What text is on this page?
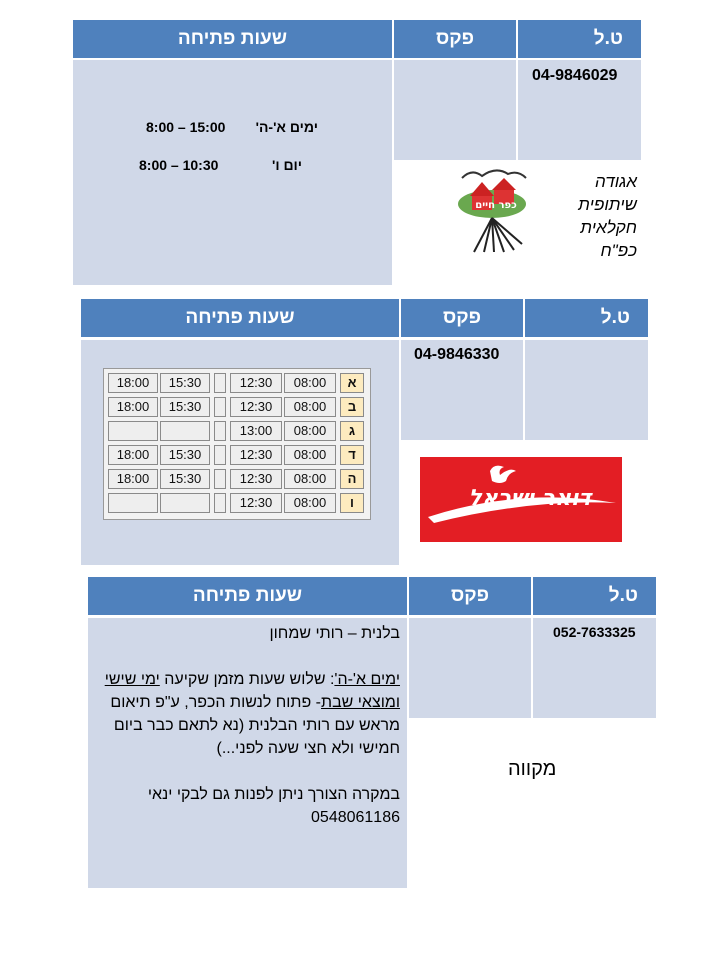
ט.ל
פקס
שעות פתיחה
04-9846029
ימים א'-ה'
8:00 – 15:00
יום ו'
8:00 – 10:30
כפר חיים
אגודה
שיתופית
חקלאית
כפ"ח
ט.ל
פקס
שעות פתיחה
04-9846330
א
08:00
12:30
15:30
18:00
ב
08:00
12:30
15:30
18:00
ג
08:00
13:00
ד
08:00
12:30
15:30
18:00
ה
08:00
12:30
15:30
18:00
ו
08:00
12:30	דואר ישראל
ט.ל
פקס
שעות פתיחה
052-7633325
מקווה

בלנית – רותי שמחון

ימים א'-ה': שלוש שעות מזמן שקיעה ימי שישי ומוצאי שבת- פתוח לנשות הכפר, ע"פ תיאום מראש עם רותי הבלנית (נא לתאם כבר ביום חמישי ולא חצי שעה לפני...)

במקרה הצורך ניתן לפנות גם לבקי ינאי
0548061186
